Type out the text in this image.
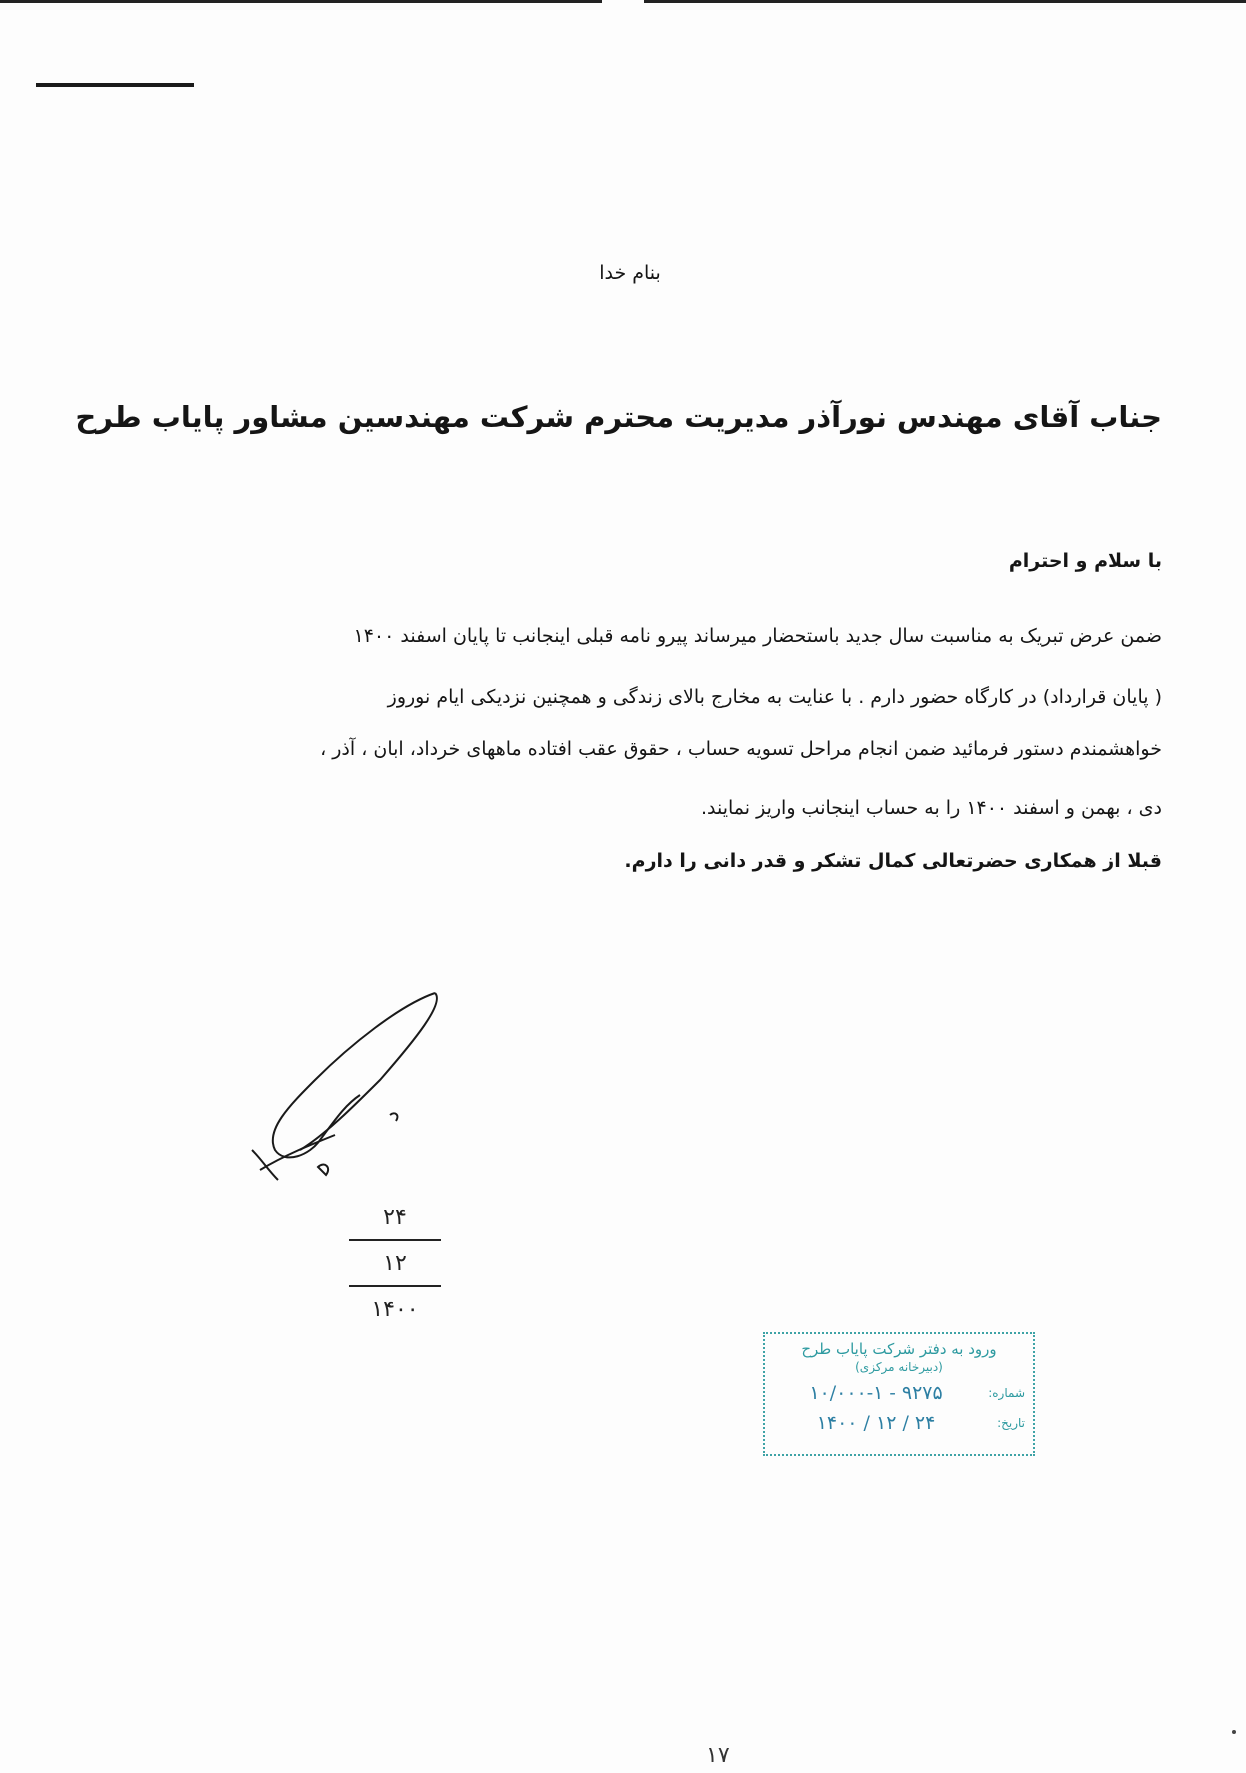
بنام خدا
جناب آقای مهندس نورآذر مدیریت محترم شرکت مهندسین مشاور پایاب طرح
با سلام و احترام
ضمن عرض تبریک به مناسبت سال جدید باستحضار میرساند پیرو نامه قبلی اینجانب تا پایان اسفند ۱۴۰۰
( پایان قرارداد) در کارگاه حضور دارم . با عنایت به مخارج بالای زندگی و همچنین نزدیکی ایام نوروز
خواهشمندم دستور فرمائید ضمن انجام مراحل تسویه حساب ، حقوق عقب افتاده ماههای خرداد، ابان ، آذر ،
دی ، بهمن و اسفند ۱۴۰۰ را به حساب اینجانب واریز نمایند.
قبلا از همکاری حضرتعالی کمال تشکر و قدر دانی را دارم.
۲۴
۱۲
۱۴۰۰
ورود به دفتر شرکت پایاب طرح
(دبیرخانه مرکزی)
شماره:
۱۰/۰۰۰-۱ - ۹۲۷۵
تاریخ:
۱۴۰۰ / ۱۲ / ۲۴
۱۷
